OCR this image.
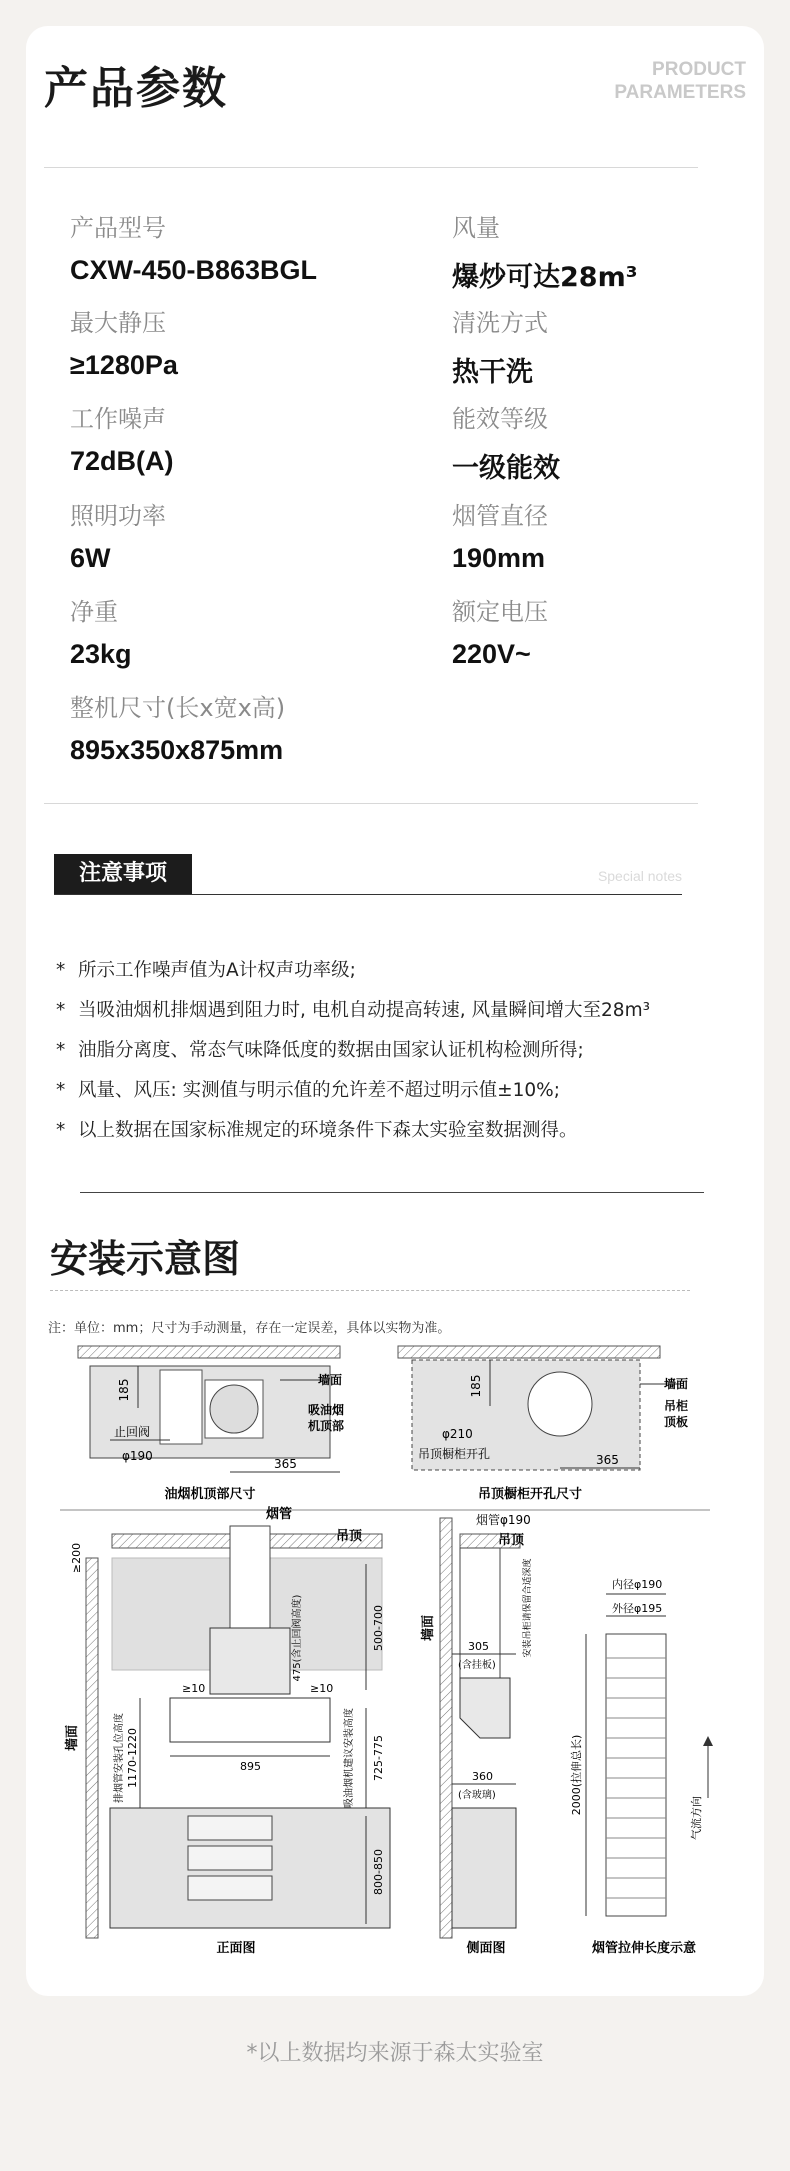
产品参数	PRODUCT
PARAMETERS
产品型号
CXW-450-B863BGL
风量
爆炒可达28m³
最大静压
≥1280Pa
清洗方式
热干洗
工作噪声
72dB(A)
能效等级
一级能效
照明功率
6W
烟管直径
190mm
净重
23kg
额定电压
220V~
整机尺寸(长x宽x高)
895x350x875mm
注意事项	Special notes
* 所示工作噪声值为A计权声功率级;
* 当吸油烟机排烟遇到阻力时, 电机自动提高转速, 风量瞬间增大至28m³
* 油脂分离度、常态气味降低度的数据由国家认证机构检测所得;
* 风量、风压: 实测值与明示值的允许差不超过明示值±10%;
* 以上数据在国家标准规定的环境条件下森太实验室数据测得。
安装示意图
注：单位：mm；尺寸为手动测量，存在一定误差，具体以实物为准。
185
止回阀
φ190
365
墙面
吸油烟
机顶部
油烟机顶部尺寸
185
φ210
吊顶橱柜开孔	365
墙面
吊柜
顶板
吊顶橱柜开孔尺寸
烟管
吊顶
墙面
≥200
≥10	≥10
895
1170-1220
排烟管安装孔位高度
475(含止回阀高度)	500-700
725-775
吸油烟机建议安装高度
800-850
正面图
烟管φ190
吊顶
墙面
305
(含挂板)
360
(含玻璃)
安装吊柜请保留合适深度
侧面图
内径φ190
外径φ195
2000(拉伸总长)
气流方向
烟管拉伸长度示意
*以上数据均来源于森太实验室
